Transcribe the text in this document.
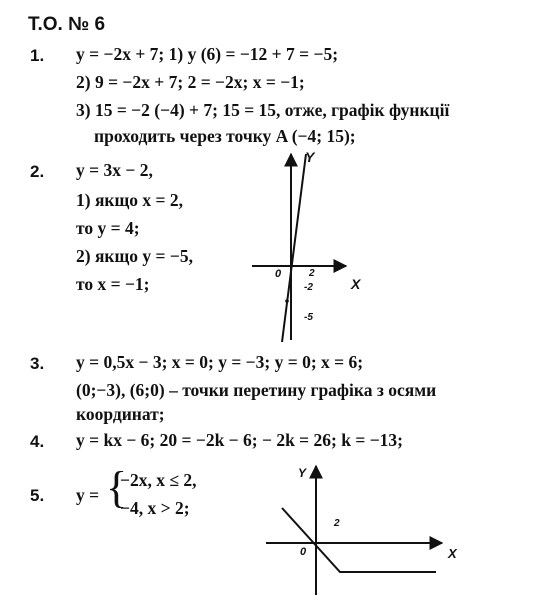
Т.О. № 6
1. y = −2x + 7; 1) y (6) = −12 + 7 = −5;
2) 9 = −2x + 7; 2 = −2x; x = −1;
3) 15 = −2 (−4) + 7; 15 = 15, отже, графік функції
проходить через точку A (−4; 15);
2. y = 3x − 2,
1) якщо x = 2,
то y = 4;
2) якщо y = −5,
то x = −1;
Y
X
0	2
-2
-5
3. y = 0,5x − 3; x = 0; y = −3; y = 0; x = 6;
(0;−3), (6;0) – точки перетину графіка з осями
координат;
4. y = kx − 6; 20 = −2k − 6; − 2k = 26; k = −13;
5. y = {
−2x, x ≤ 2,
−4, x > 2;
Y
X
0
2
